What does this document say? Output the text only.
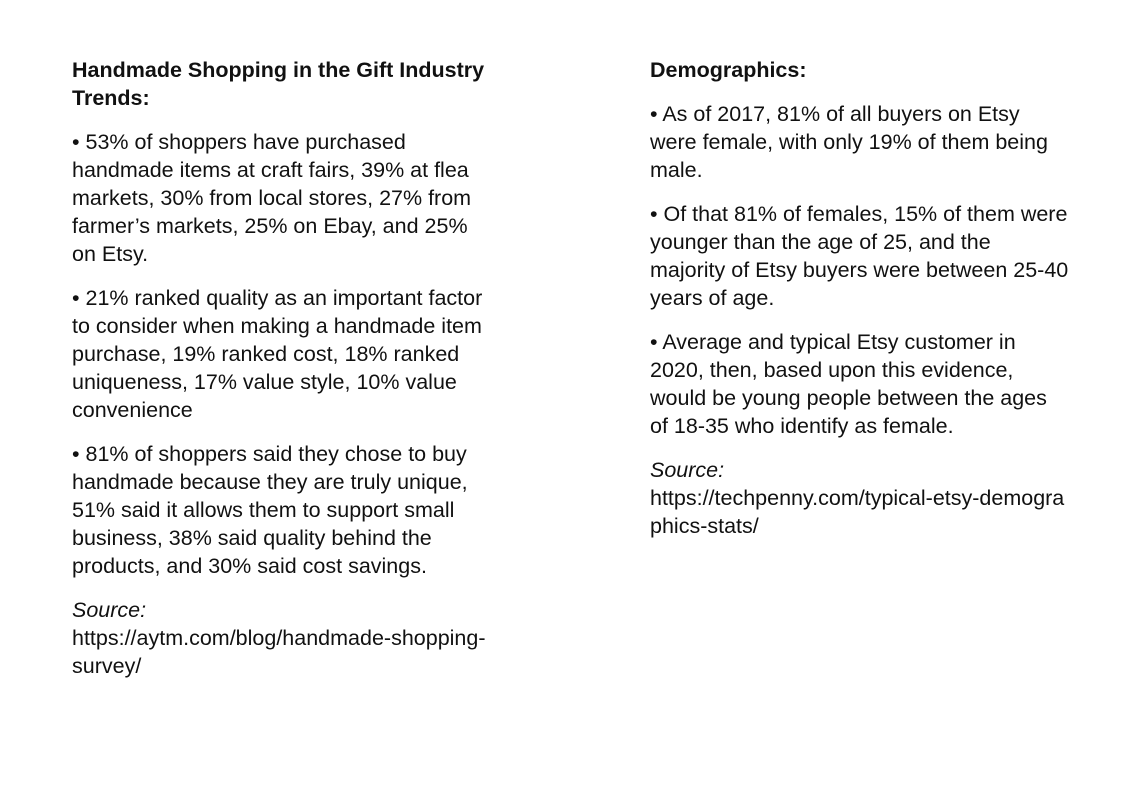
Handmade Shopping in the Gift Industry Trends:
• 53% of shoppers have purchased handmade items at craft fairs, 39% at flea markets, 30% from local stores, 27% from farmer’s markets, 25% on Ebay, and 25% on Etsy.
• 21% ranked quality as an important factor to consider when making a handmade item purchase, 19% ranked cost, 18% ranked uniqueness, 17% value style, 10% value convenience
• 81% of shoppers said they chose to buy handmade because they are truly unique, 51% said it allows them to support small business, 38% said quality behind the products, and 30% said cost savings.
Source:
https://aytm.com/blog/handmade-shopping-survey/
Demographics:
• As of 2017, 81% of all buyers on Etsy were female, with only 19% of them being male.
• Of that 81% of females, 15% of them were younger than the age of 25, and the majority of Etsy buyers were between 25-40 years of age.
• Average and typical Etsy customer in 2020, then, based upon this evidence, would be young people between the ages of 18-35 who identify as female.
Source:
https://techpenny.com/typical-etsy-demographics-stats/
